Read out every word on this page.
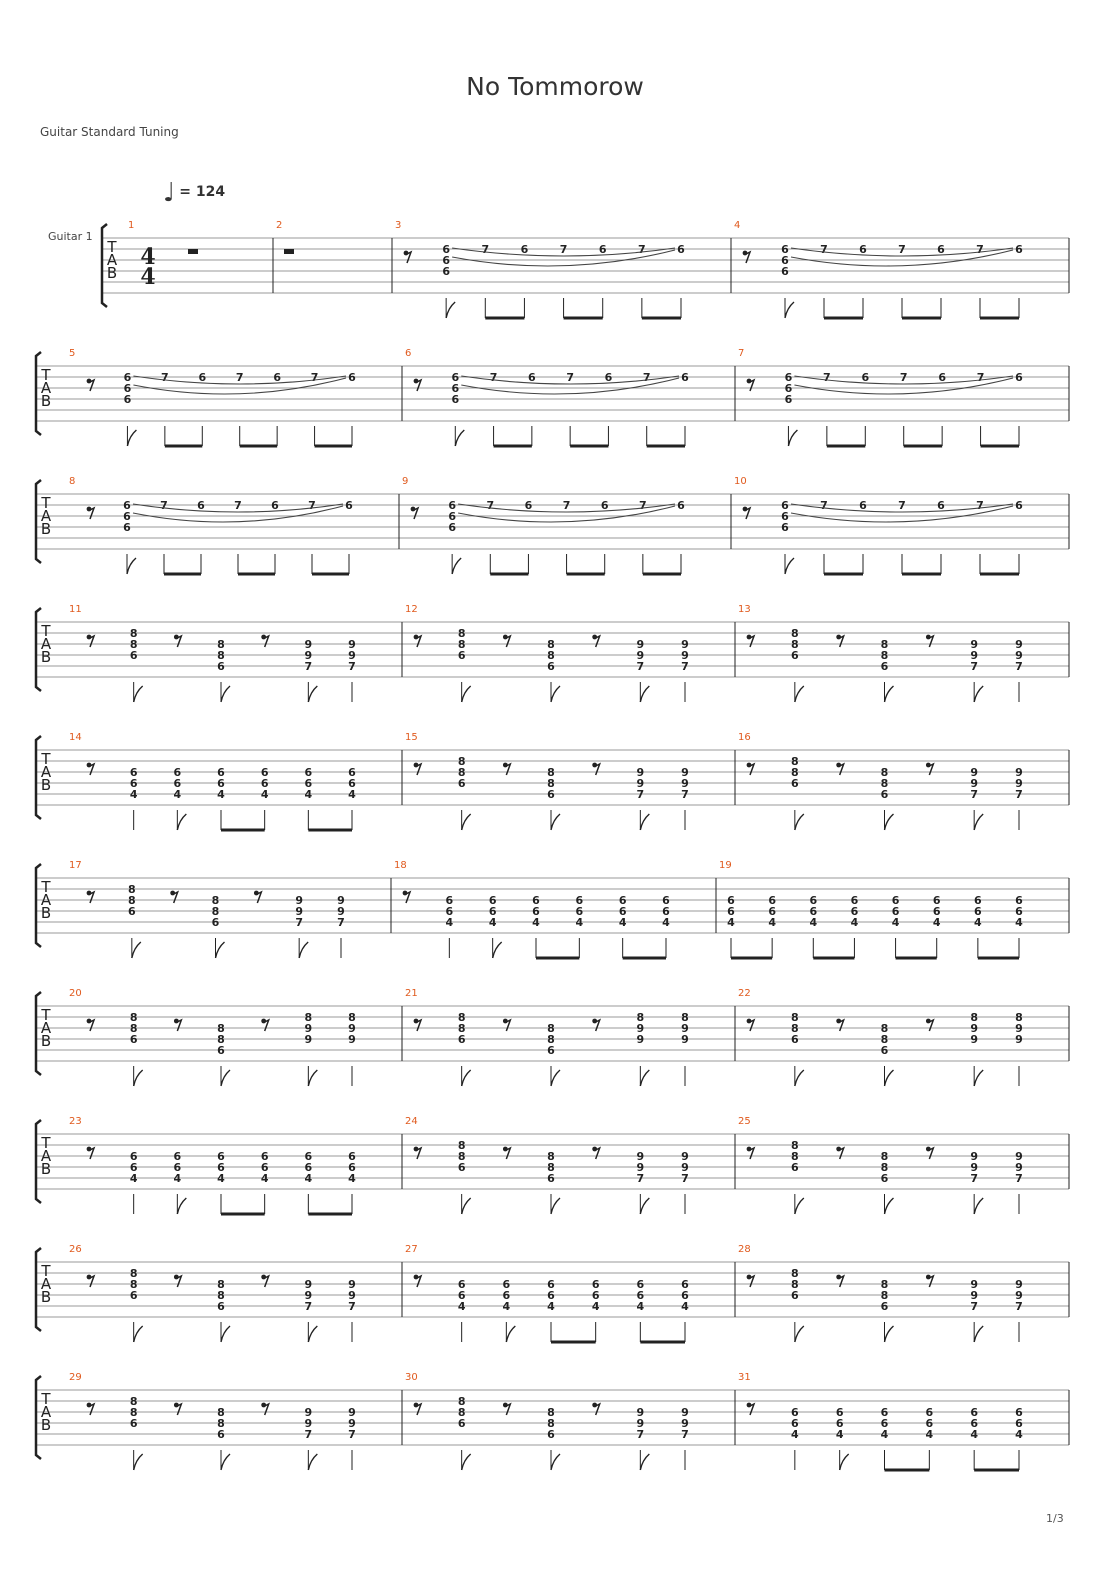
No Tommorow
Guitar Standard Tuning
♩ = 124
T
A
B
Guitar 1
4
4
1	2	3
6
6
6
7	6	7	6	7	6
4
6
6
6
7	6	7	6	7	6
T
A
B
5
6
6
6
7	6	7	6	7	6
6
6
6
6
7	6	7	6	7	6
7
6
6
6
7	6	7	6	7	6
T
A
B
8
6
6
6
7	6	7	6	7	6
9
6
6
6
7	6	7	6	7	6
10
6
6
6
7	6	7	6	7	6
T
A
B
11
8
8
6
8
8
6
9
9
7
9
9
7
12
8
8
6
8
8
6
9
9
7
9
9
7
13
8
8
6
8
8
6
9
9
7
9
9
7
T
A
B
14
6
6
4
6
6
4
6
6
4
6
6
4
6
6
4
6
6
4
15
8
8
6
8
8
6
9
9
7
9
9
7
16
8
8
6
8
8
6
9
9
7
9
9
7
T
A
B
17
8
8
6
8
8
6
9
9
7
9
9
7
18
6
6
4
6
6
4
6
6
4
6
6
4
6
6
4
6
6
4
19
6
6
4
6
6
4
6
6
4
6
6
4
6
6
4
6
6
4
6
6
4
6
6
4
T
A
B
20
8
8
6
8
8
6
8
9
9
8
9
9
21
8
8
6
8
8
6
8
9
9
8
9
9
22
8
8
6
8
8
6
8
9
9
8
9
9
T
A
B
23
6
6
4
6
6
4
6
6
4
6
6
4
6
6
4
6
6
4
24
8
8
6
8
8
6
9
9
7
9
9
7
25
8
8
6
8
8
6
9
9
7
9
9
7
T
A
B
26
8
8
6
8
8
6
9
9
7
9
9
7
27
6
6
4
6
6
4
6
6
4
6
6
4
6
6
4
6
6
4
28
8
8
6
8
8
6
9
9
7
9
9
7
T
A
B
29
8
8
6
8
8
6
9
9
7
9
9
7
30
8
8
6
8
8
6
9
9
7
9
9
7
31
6
6
4
6
6
4
6
6
4
6
6
4
6
6
4
6
6
4
1/3
